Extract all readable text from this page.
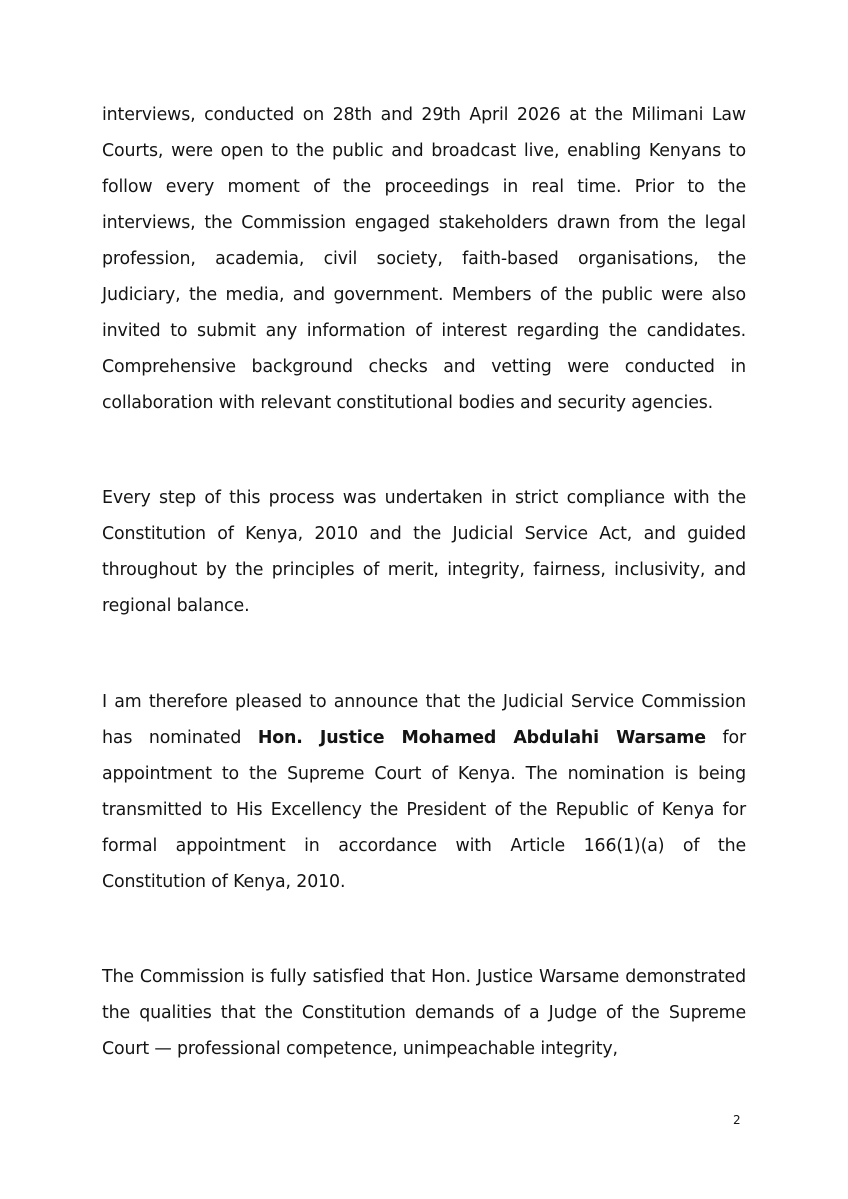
interviews, conducted on 28th and 29th April 2026 at the Milimani Law Courts, were open to the public and broadcast live, enabling Kenyans to follow every moment of the proceedings in real time. Prior to the interviews, the Commission engaged stakeholders drawn from the legal profession, academia, civil society, faith-based organisations, the Judiciary, the media, and government. Members of the public were also invited to submit any information of interest regarding the candidates. Comprehensive background checks and vetting were conducted in collaboration with relevant constitutional bodies and security agencies.

Every step of this process was undertaken in strict compliance with the Constitution of Kenya, 2010 and the Judicial Service Act, and guided throughout by the principles of merit, integrity, fairness, inclusivity, and regional balance.

I am therefore pleased to announce that the Judicial Service Commission has nominated Hon. Justice Mohamed Abdulahi Warsame for appointment to the Supreme Court of Kenya. The nomination is being transmitted to His Excellency the President of the Republic of Kenya for formal appointment in accordance with Article 166(1)(a) of the Constitution of Kenya, 2010.

The Commission is fully satisfied that Hon. Justice Warsame demonstrated the qualities that the Constitution demands of a Judge of the Supreme Court — professional competence, unimpeachable integrity,

2
